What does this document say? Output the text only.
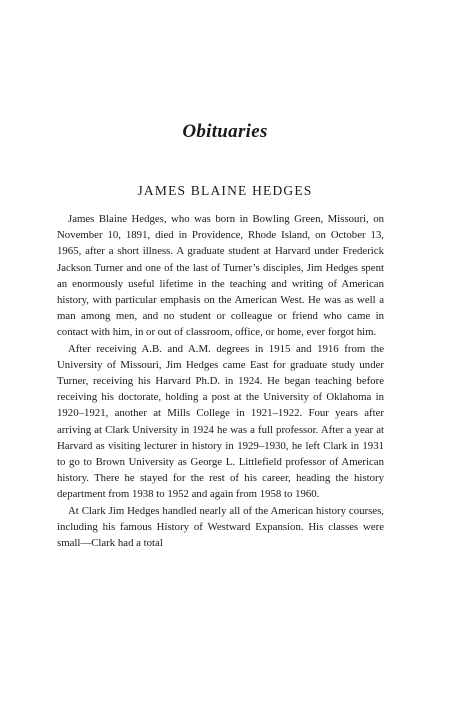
Obituaries
JAMES BLAINE HEDGES

James Blaine Hedges, who was born in Bowling Green, Missouri, on November 10, 1891, died in Providence, Rhode Island, on October 13, 1965, after a short illness. A graduate student at Harvard under Frederick Jackson Turner and one of the last of Turner’s disciples, Jim Hedges spent an enormously useful lifetime in the teaching and writing of American history, with particular emphasis on the American West. He was as well a man among men, and no student or colleague or friend who came in contact with him, in or out of classroom, office, or home, ever forgot him.

After receiving A.B. and A.M. degrees in 1915 and 1916 from the University of Missouri, Jim Hedges came East for graduate study under Turner, receiving his Harvard Ph.D. in 1924. He began teaching before receiving his doctorate, holding a post at the University of Oklahoma in 1920–1921, another at Mills College in 1921–1922. Four years after arriving at Clark University in 1924 he was a full professor. After a year at Harvard as visiting lecturer in history in 1929–1930, he left Clark in 1931 to go to Brown University as George L. Littlefield professor of American history. There he stayed for the rest of his career, heading the history department from 1938 to 1952 and again from 1958 to 1960.

At Clark Jim Hedges handled nearly all of the American history courses, including his famous History of Westward Expansion. His classes were small—Clark had a total
